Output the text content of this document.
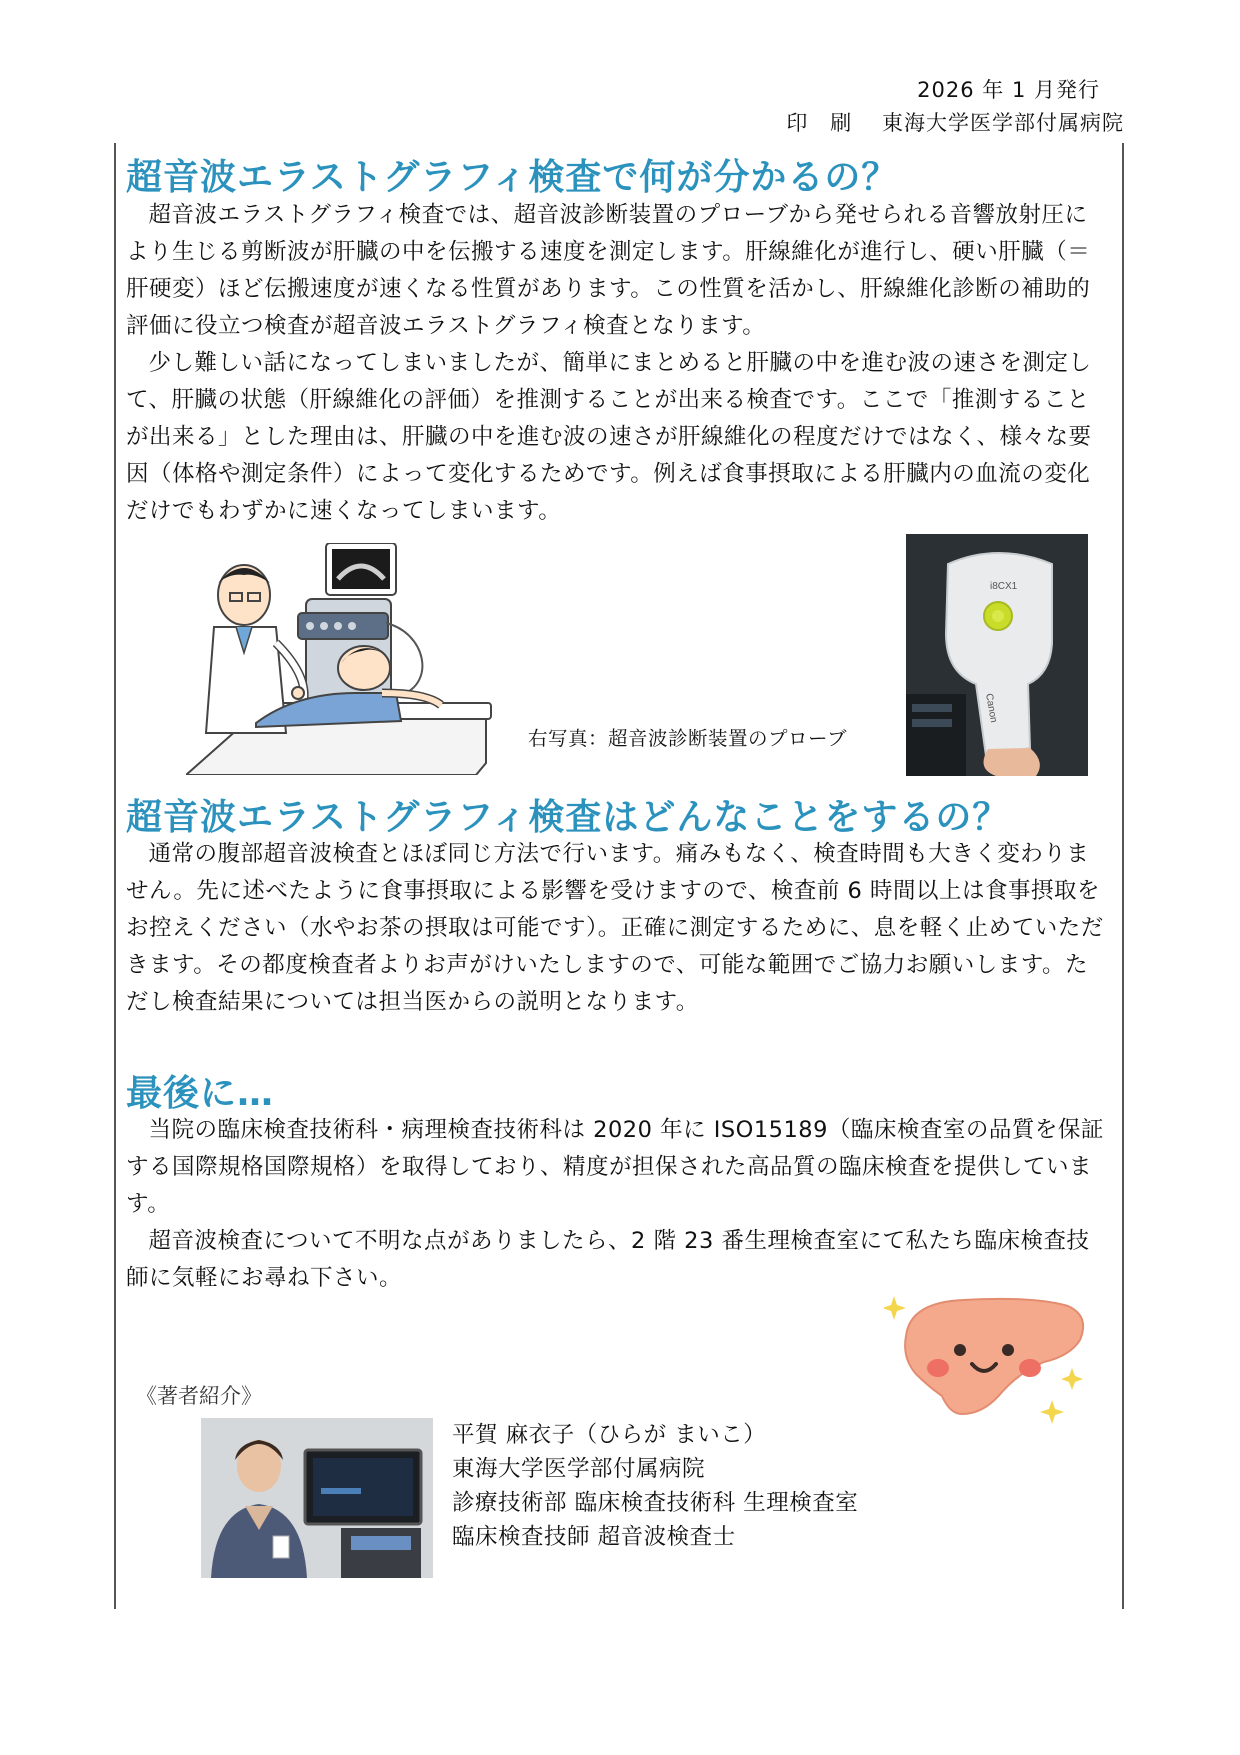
2026 年 1 月発行
印　刷　 東海大学医学部付属病院
超音波エラストグラフィ検査で何が分かるの？

超音波エラストグラフィ検査では、超音波診断装置のプローブから発せられる音響放射圧により生じる剪断波が肝臓の中を伝搬する速度を測定します。肝線維化が進行し、硬い肝臓（＝肝硬変）ほど伝搬速度が速くなる性質があります。この性質を活かし、肝線維化診断の補助的評価に役立つ検査が超音波エラストグラフィ検査となります。

少し難しい話になってしまいましたが、簡単にまとめると肝臓の中を進む波の速さを測定して、肝臓の状態（肝線維化の評価）を推測することが出来る検査です。ここで「推測することが出来る」とした理由は、肝臓の中を進む波の速さが肝線維化の程度だけではなく、様々な要因（体格や測定条件）によって変化するためです。例えば食事摂取による肝臓内の血流の変化だけでもわずかに速くなってしまいます。

右写真：超音波診断装置のプローブ
i8CX1
Canon
超音波エラストグラフィ検査はどんなことをするの？

通常の腹部超音波検査とほぼ同じ方法で行います。痛みもなく、検査時間も大きく変わりません。先に述べたように食事摂取による影響を受けますので、検査前 6 時間以上は食事摂取をお控えください（水やお茶の摂取は可能です）。正確に測定するために、息を軽く止めていただきます。その都度検査者よりお声がけいたしますので、可能な範囲でご協力お願いします。ただし検査結果については担当医からの説明となります。

最後に…

当院の臨床検査技術科・病理検査技術科は 2020 年に ISO15189（臨床検査室の品質を保証する国際規格国際規格）を取得しており、精度が担保された高品質の臨床検査を提供しています。

超音波検査について不明な点がありましたら、2 階 23 番生理検査室にて私たち臨床検査技師に気軽にお尋ね下さい。

《著者紹介》
平賀 麻衣子（ひらが まいこ）
東海大学医学部付属病院
診療技術部 臨床検査技術科 生理検査室
臨床検査技師 超音波検査士
